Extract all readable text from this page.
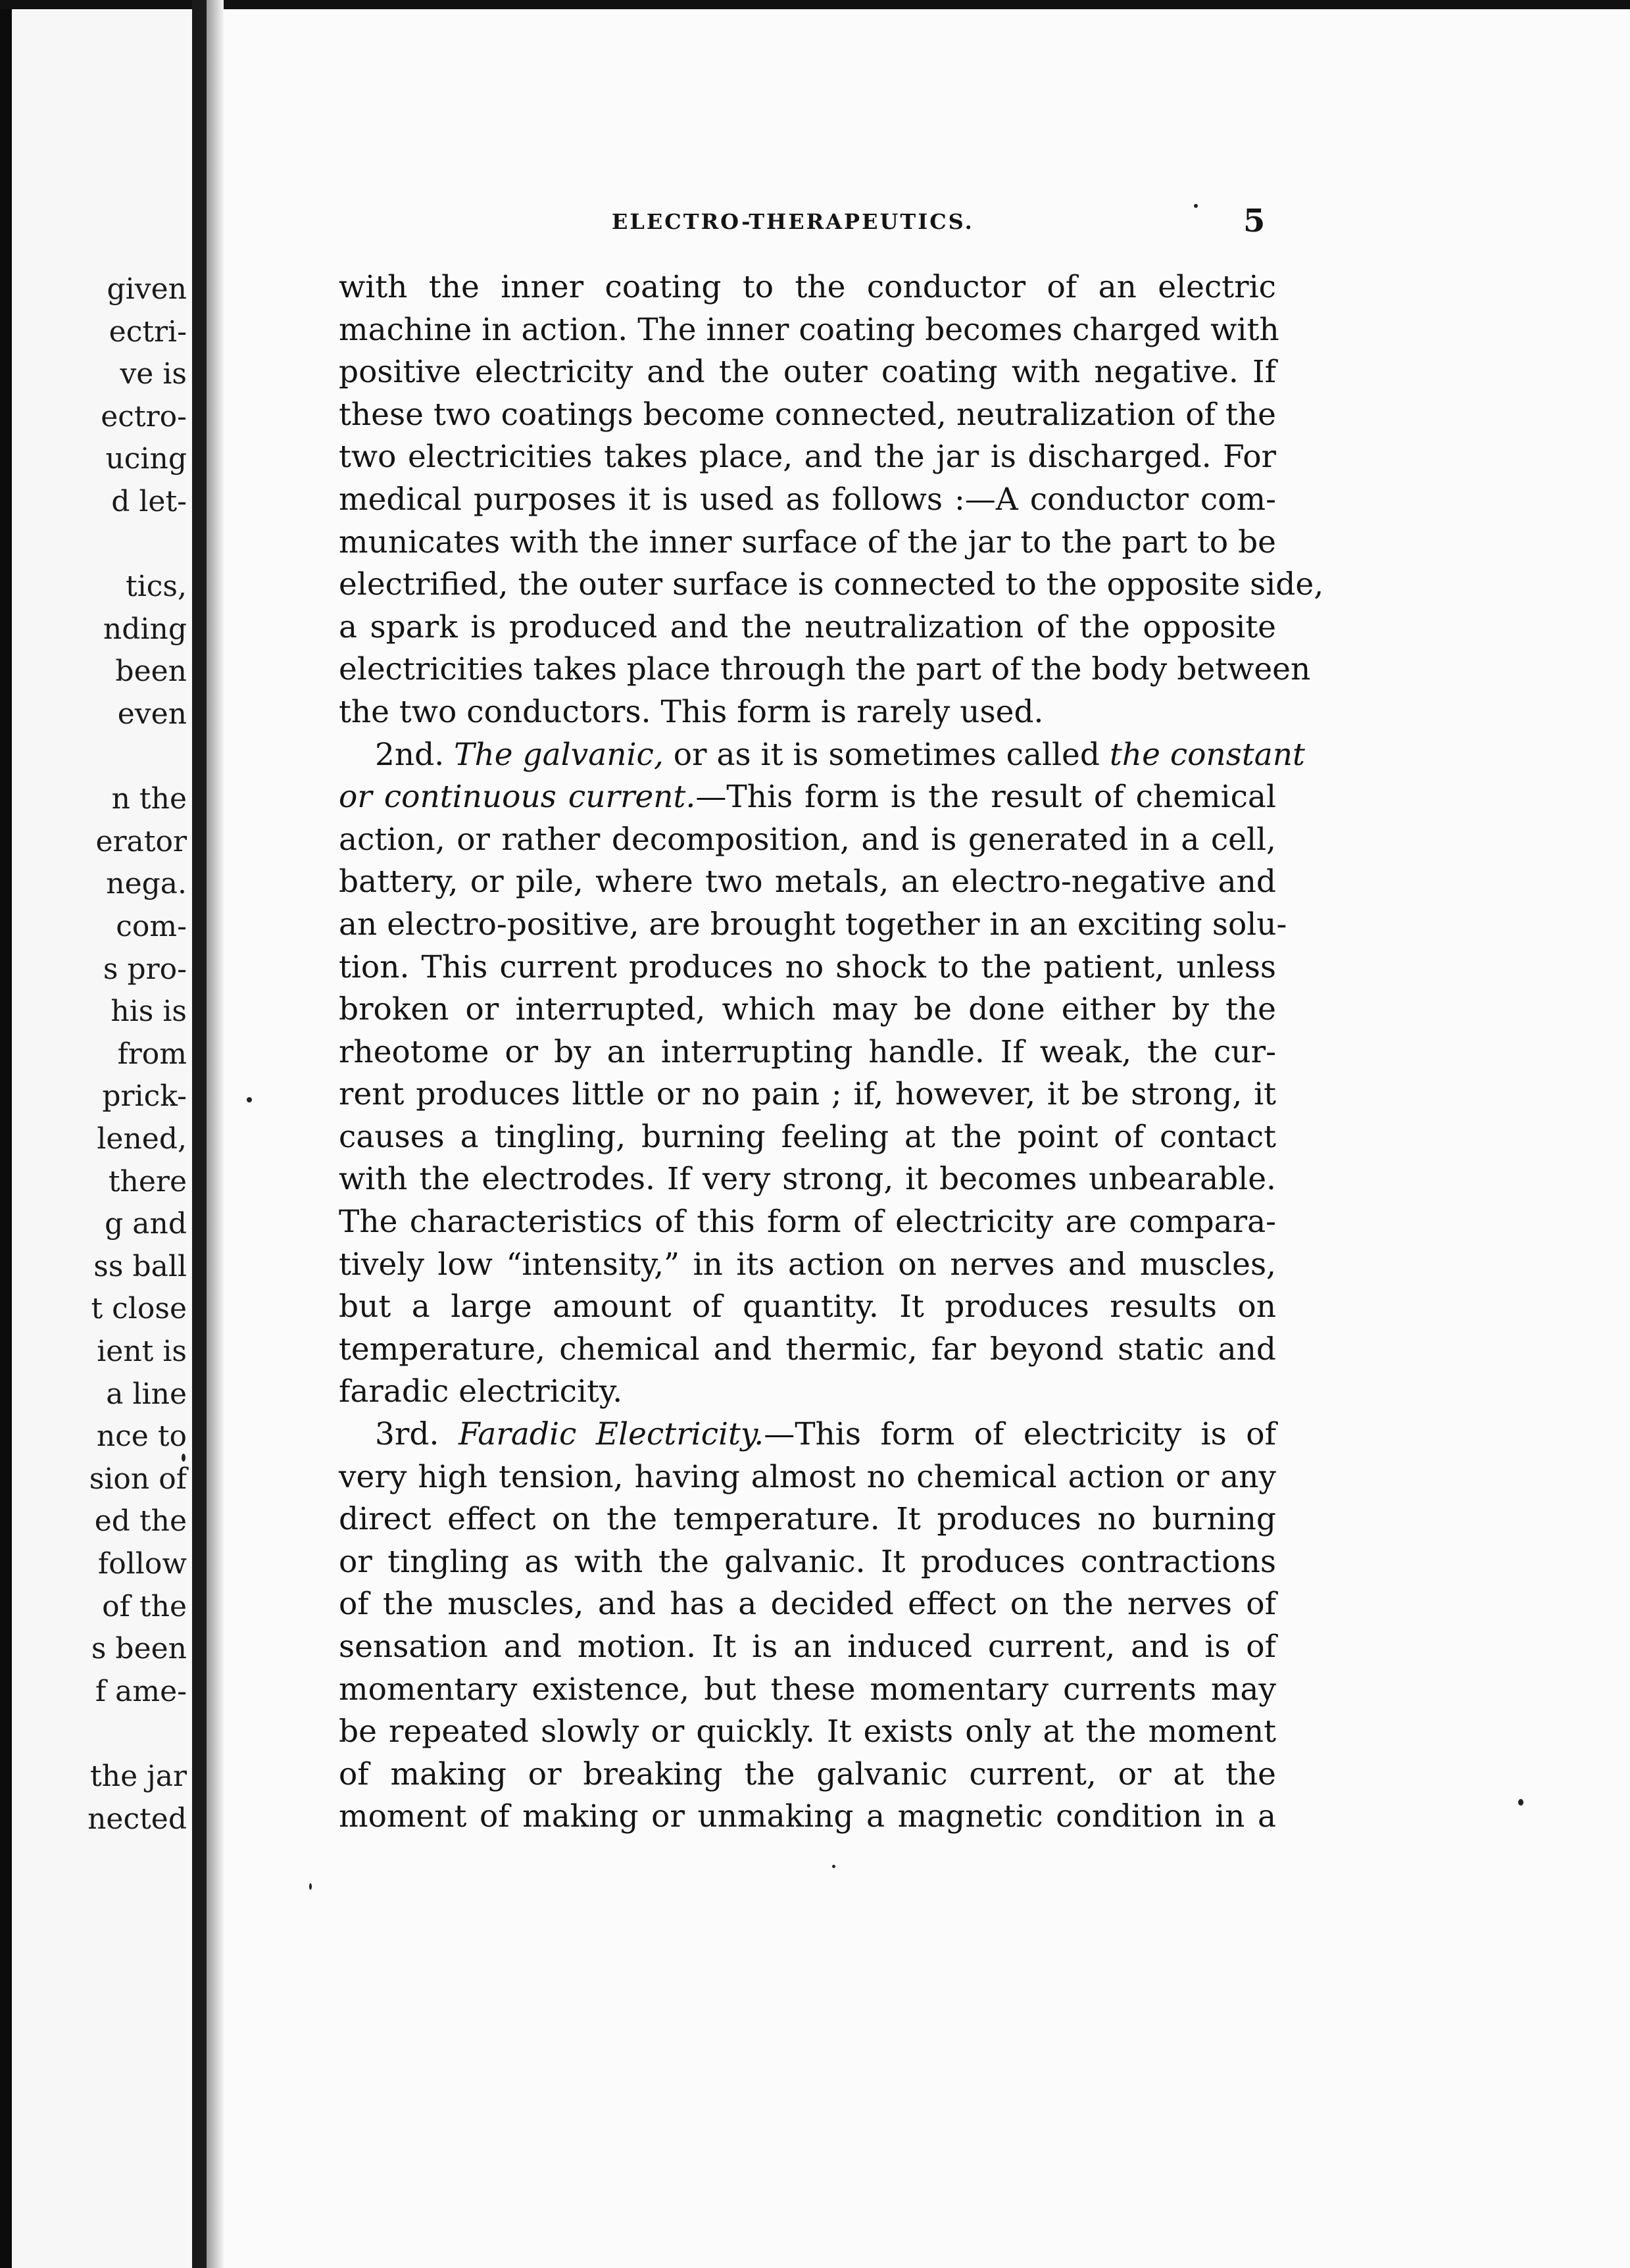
given
ectri-
ve is
ectro-
ucing
d let-
tics,
nding
been
even
n the
erator
nega.
com-
s pro-
his is
from
prick-
lened,
there
g and
ss ball
t close
ient is
a line
nce to
sion of
ed the
follow
of the
s been
f ame-
the jar
nected
ELECTRO-THERAPEUTICS.	5
with the inner coating to the conductor of an electric
machine in action. The inner coating becomes charged with
positive electricity and the outer coating with negative. If
these two coatings become connected, neutralization of the
two electricities takes place, and the jar is discharged. For
medical purposes it is used as follows :—A conductor com-
municates with the inner surface of the jar to the part to be
electrified, the outer surface is connected to the opposite side,
a spark is produced and the neutralization of the opposite
electricities takes place through the part of the body between
the two conductors. This form is rarely used.
2nd. The galvanic, or as it is sometimes called the constant
or continuous current.—This form is the result of chemical
action, or rather decomposition, and is generated in a cell,
battery, or pile, where two metals, an electro-negative and
an electro-positive, are brought together in an exciting solu-
tion. This current produces no shock to the patient, unless
broken or interrupted, which may be done either by the
rheotome or by an interrupting handle. If weak, the cur-
rent produces little or no pain ; if, however, it be strong, it
causes a tingling, burning feeling at the point of contact
with the electrodes. If very strong, it becomes unbearable.
The characteristics of this form of electricity are compara-
tively low “intensity,” in its action on nerves and muscles,
but a large amount of quantity. It produces results on
temperature, chemical and thermic, far beyond static and
faradic electricity.
3rd. Faradic Electricity.—This form of electricity is of
very high tension, having almost no chemical action or any
direct effect on the temperature. It produces no burning
or tingling as with the galvanic. It produces contractions
of the muscles, and has a decided effect on the nerves of
sensation and motion. It is an induced current, and is of
momentary existence, but these momentary currents may
be repeated slowly or quickly. It exists only at the moment
of making or breaking the galvanic current, or at the
moment of making or unmaking a magnetic condition in a
